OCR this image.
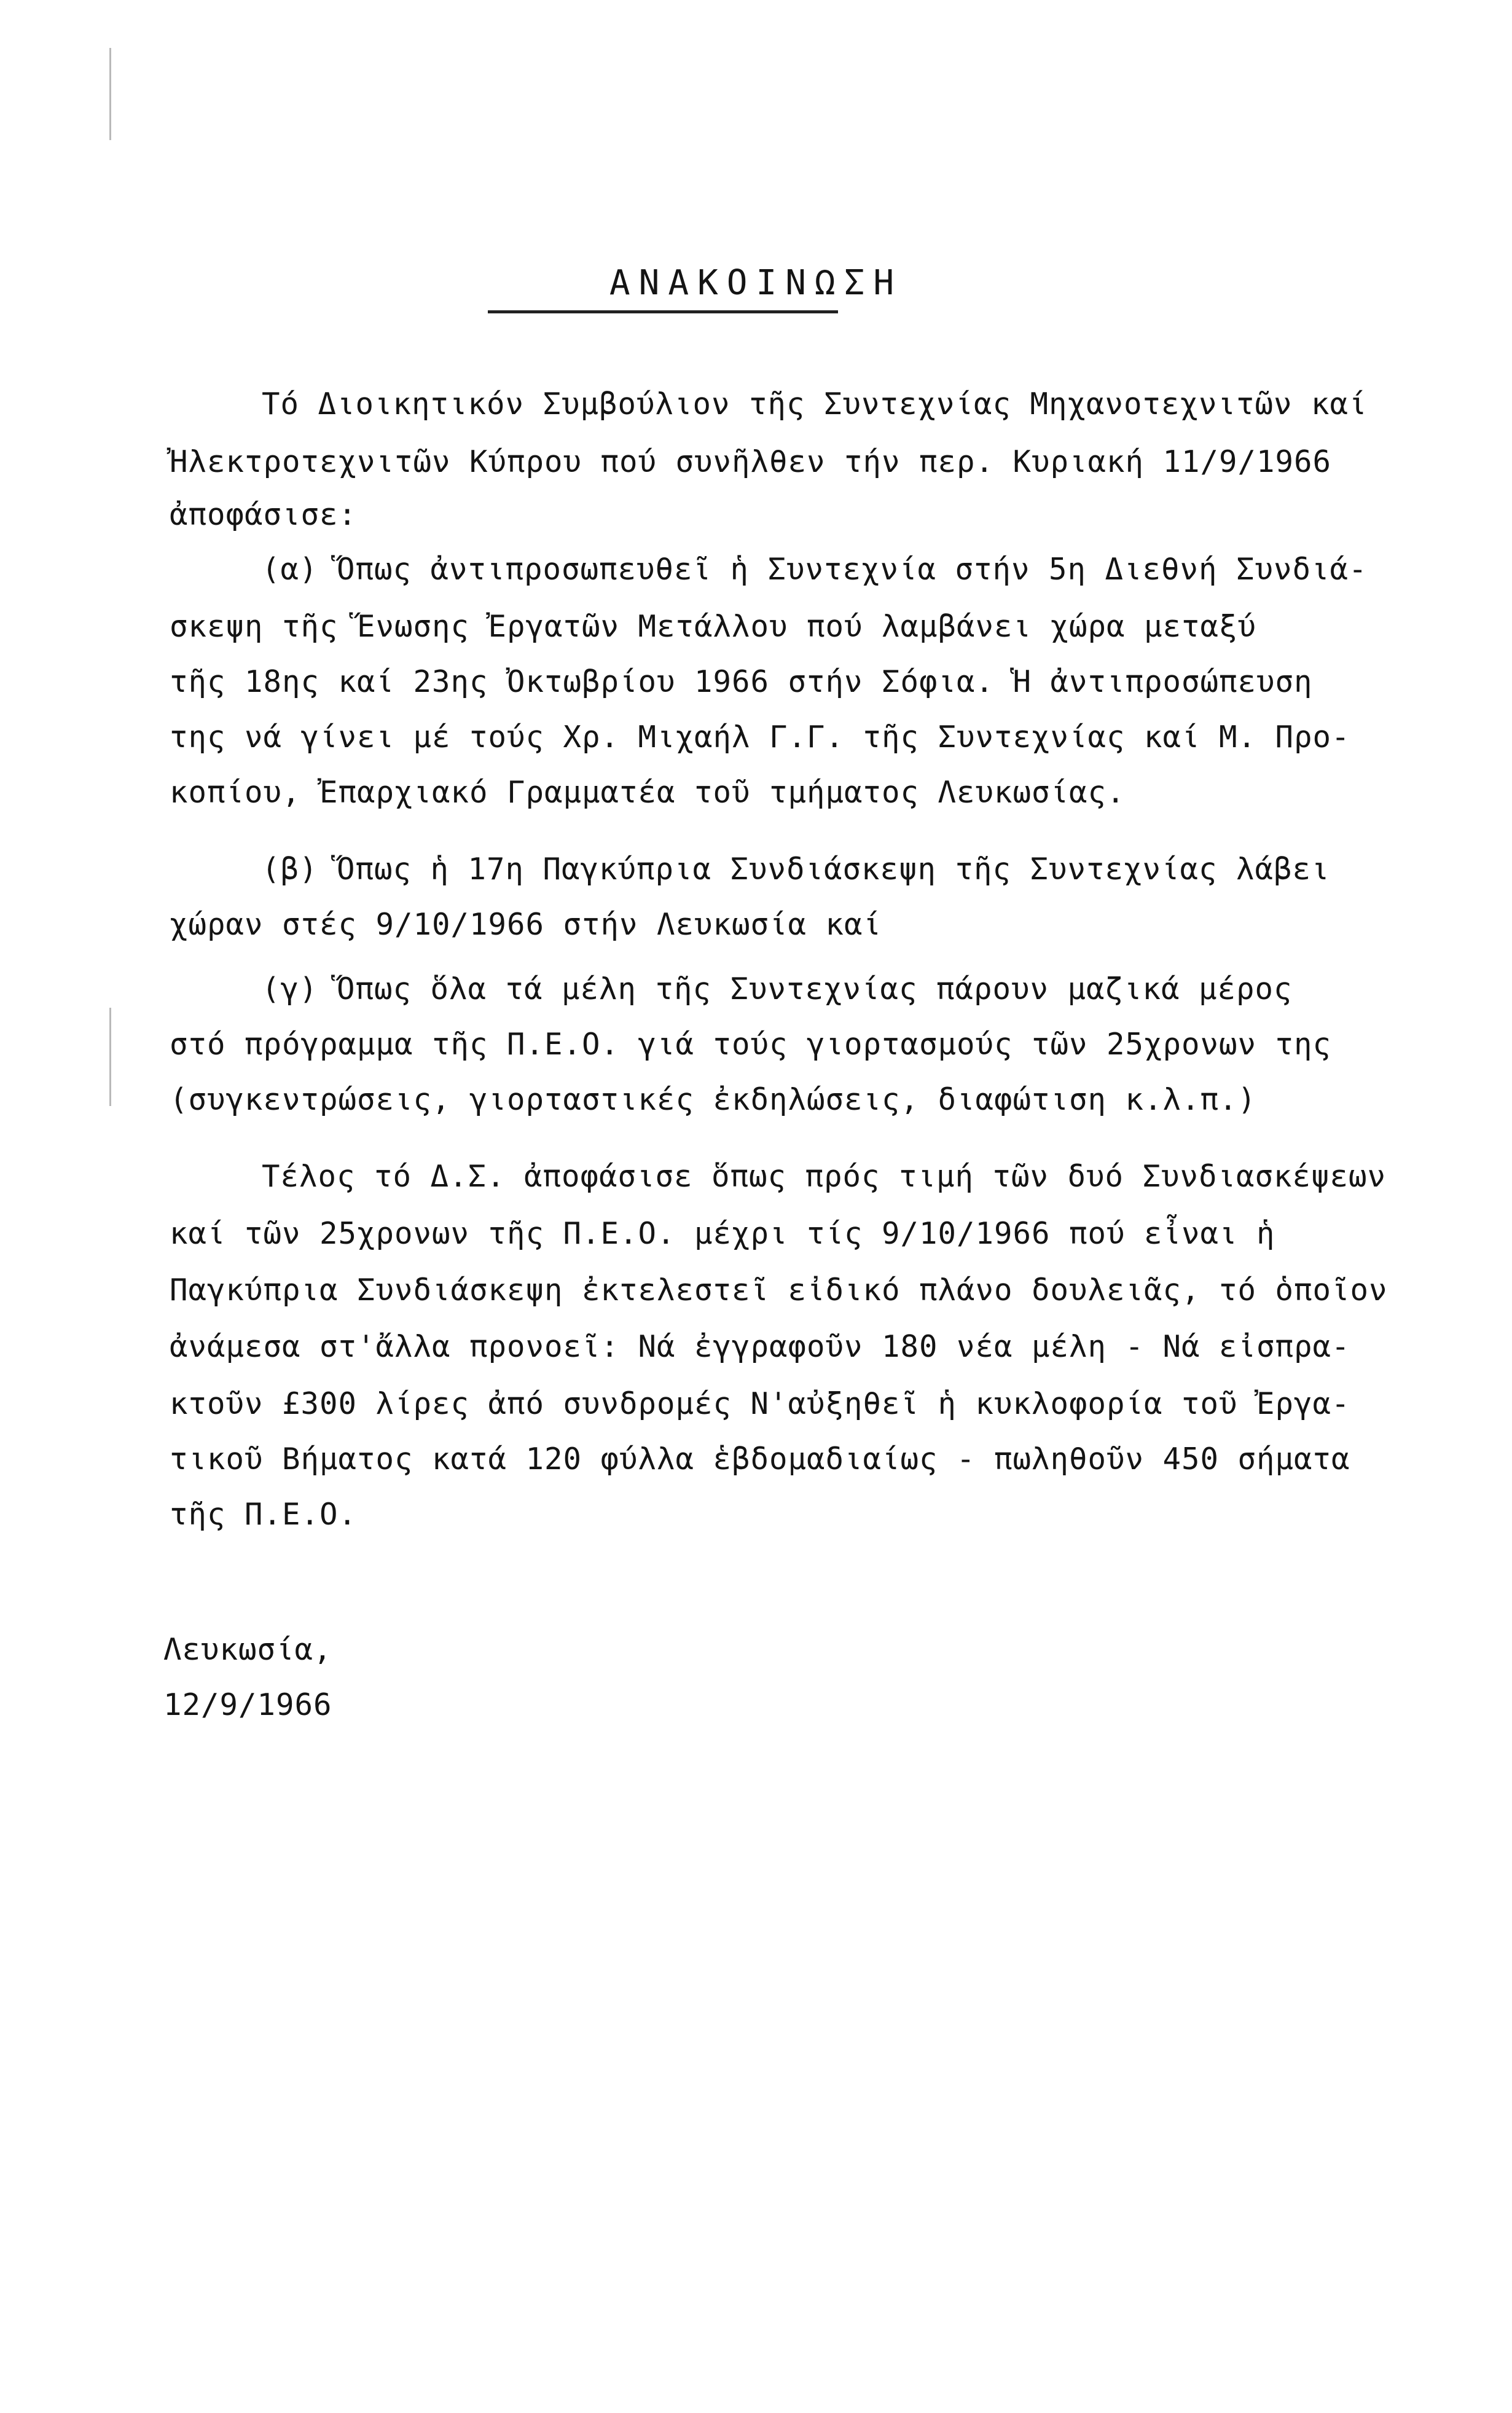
ΑΝΑΚΟΙΝΩΣΗ
Τό Διοικητικόν Συμβούλιον τῆς Συντεχνίας Μηχανοτεχνιτῶν καί
Ἠλεκτροτεχνιτῶν Κύπρου πού συνῆλθεν τήν περ. Κυριακή 11/9/1966
ἀποφάσισε:
(α) Ὅπως ἀντιπροσωπευθεῖ ἡ Συντεχνία στήν 5η Διεθνή Συνδιά-
σκεψη τῆς Ἕνωσης Ἐργατῶν Μετάλλου πού λαμβάνει χώρα μεταξύ
τῆς 18ης καί 23ης Ὀκτωβρίου 1966 στήν Σόφια. Ἡ ἀντιπροσώπευση
της νά γίνει μέ τούς Χρ. Μιχαήλ Γ.Γ. τῆς Συντεχνίας καί Μ. Προ-
κοπίου, Ἐπαρχιακό Γραμματέα τοῦ τμήματος Λευκωσίας.
(β) Ὅπως ἡ 17η Παγκύπρια Συνδιάσκεψη τῆς Συντεχνίας λάβει
χώραν στές 9/10/1966 στήν Λευκωσία καί
(γ) Ὅπως ὅλα τά μέλη τῆς Συντεχνίας πάρουν μαζικά μέρος
στό πρόγραμμα τῆς Π.Ε.Ο. γιά τούς γιορτασμούς τῶν 25χρονων της
(συγκεντρώσεις, γιορταστικές ἐκδηλώσεις, διαφώτιση κ.λ.π.)
Τέλος τό Δ.Σ. ἀποφάσισε ὅπως πρός τιμή τῶν δυό Συνδιασκέψεων
καί τῶν 25χρονων τῆς Π.Ε.Ο. μέχρι τίς 9/10/1966 πού εἶναι ἡ
Παγκύπρια Συνδιάσκεψη ἐκτελεστεῖ εἰδικό πλάνο δουλειᾶς, τό ὁποῖον
ἀνάμεσα στ'ἄλλα προνοεῖ: Νά ἐγγραφοῦν 180 νέα μέλη - Νά εἰσπρα-
κτοῦν £300 λίρες ἀπό συνδρομές Ν'αὐξηθεῖ ἡ κυκλοφορία τοῦ Ἐργα-
τικοῦ Βήματος κατά 120 φύλλα ἑβδομαδιαίως - πωληθοῦν 450 σήματα
τῆς Π.Ε.Ο.
Λευκωσία,
12/9/1966
